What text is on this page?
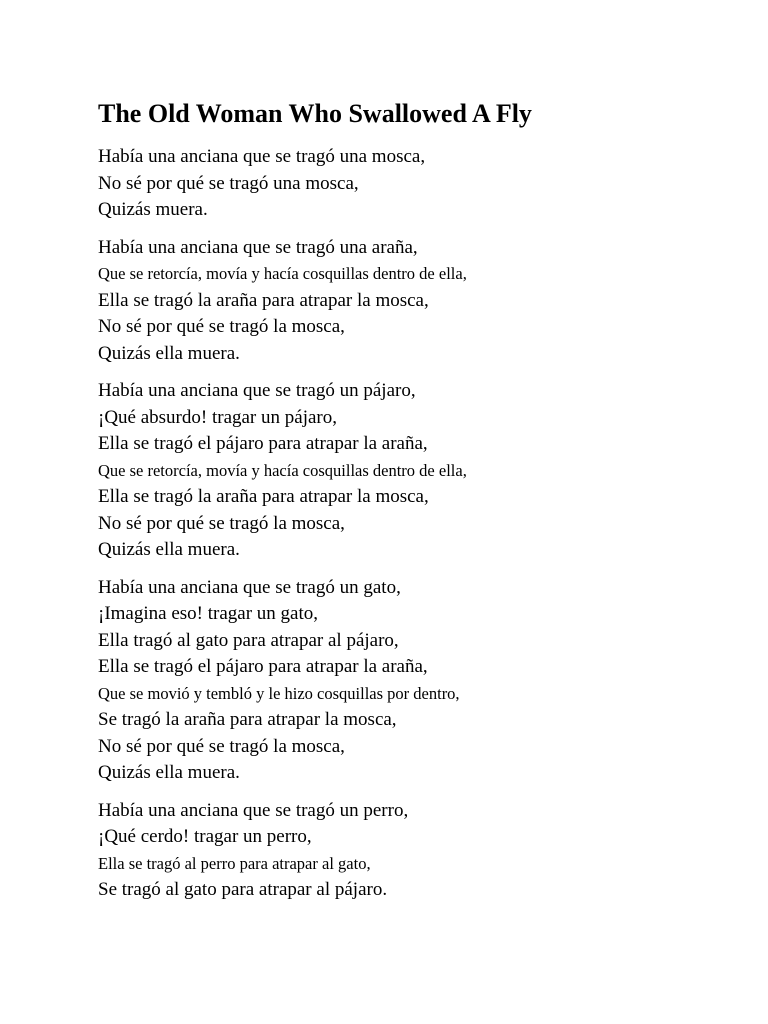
The Old Woman Who Swallowed A Fly
Había una anciana que se tragó una mosca,
No sé por qué se tragó una mosca,
Quizás muera.
Había una anciana que se tragó una araña,
Que se retorcía, movía y hacía cosquillas dentro de ella,
Ella se tragó la araña para atrapar la mosca,
No sé por qué se tragó la mosca,
Quizás ella muera.
Había una anciana que se tragó un pájaro,
¡Qué absurdo! tragar un pájaro,
Ella se tragó el pájaro para atrapar la araña,
Que se retorcía, movía y hacía cosquillas dentro de ella,
Ella se tragó la araña para atrapar la mosca,
No sé por qué se tragó la mosca,
Quizás ella muera.
Había una anciana que se tragó un gato,
¡Imagina eso! tragar un gato,
Ella tragó al gato para atrapar al pájaro,
Ella se tragó el pájaro para atrapar la araña,
Que se movió y tembló y le hizo cosquillas por dentro,
Se tragó la araña para atrapar la mosca,
No sé por qué se tragó la mosca,
Quizás ella muera.
Había una anciana que se tragó un perro,
¡Qué cerdo! tragar un perro,
Ella se tragó al perro para atrapar al gato,
Se tragó al gato para atrapar al pájaro.
